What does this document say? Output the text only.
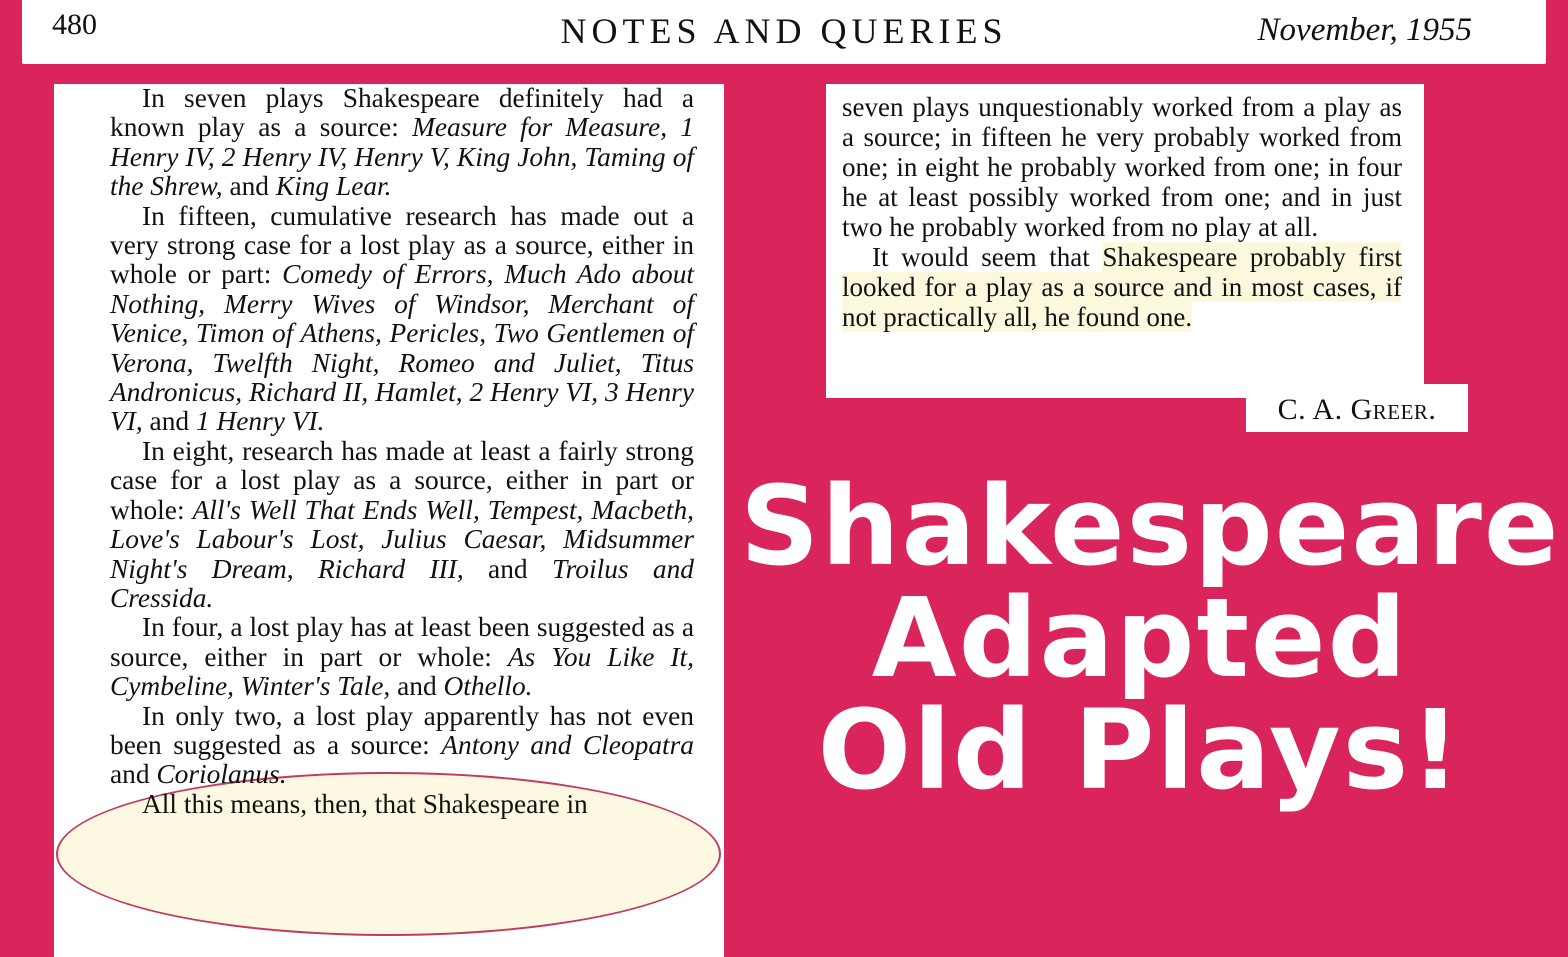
480	NOTES AND QUERIES	November, 1955

In seven plays Shakespeare definitely had a known play as a source: Measure for Measure, 1 Henry IV, 2 Henry IV, Henry V, King John, Taming of the Shrew, and King Lear.

In fifteen, cumulative research has made out a very strong case for a lost play as a source, either in whole or part: Comedy of Errors, Much Ado about Nothing, Merry Wives of Windsor, Merchant of Venice, Timon of Athens, Pericles, Two Gentlemen of Verona, Twelfth Night, Romeo and Juliet, Titus Andronicus, Richard II, Hamlet, 2 Henry VI, 3 Henry VI, and 1 Henry VI.

In eight, research has made at least a fairly strong case for a lost play as a source, either in part or whole: All's Well That Ends Well, Tempest, Macbeth, Love's Labour's Lost, Julius Caesar, Midsummer Night's Dream, Richard III, and Troilus and Cressida.

In four, a lost play has at least been suggested as a source, either in part or whole: As You Like It, Cymbeline, Winter's Tale, and Othello.

In only two, a lost play apparently has not even been suggested as a source: Antony and Cleopatra and Coriolanus.

All this means, then, that Shakespeare in

seven plays unquestionably worked from a play as a source; in fifteen he very probably worked from one; in eight he probably worked from one; in four he at least possibly worked from one; and in just two he probably worked from no play at all.

It would seem that Shakespeare probably first looked for a play as a source and in most cases, if not practically all, he found one.

C. A. Greer.
Shakespeare
Adapted
Old Plays!
